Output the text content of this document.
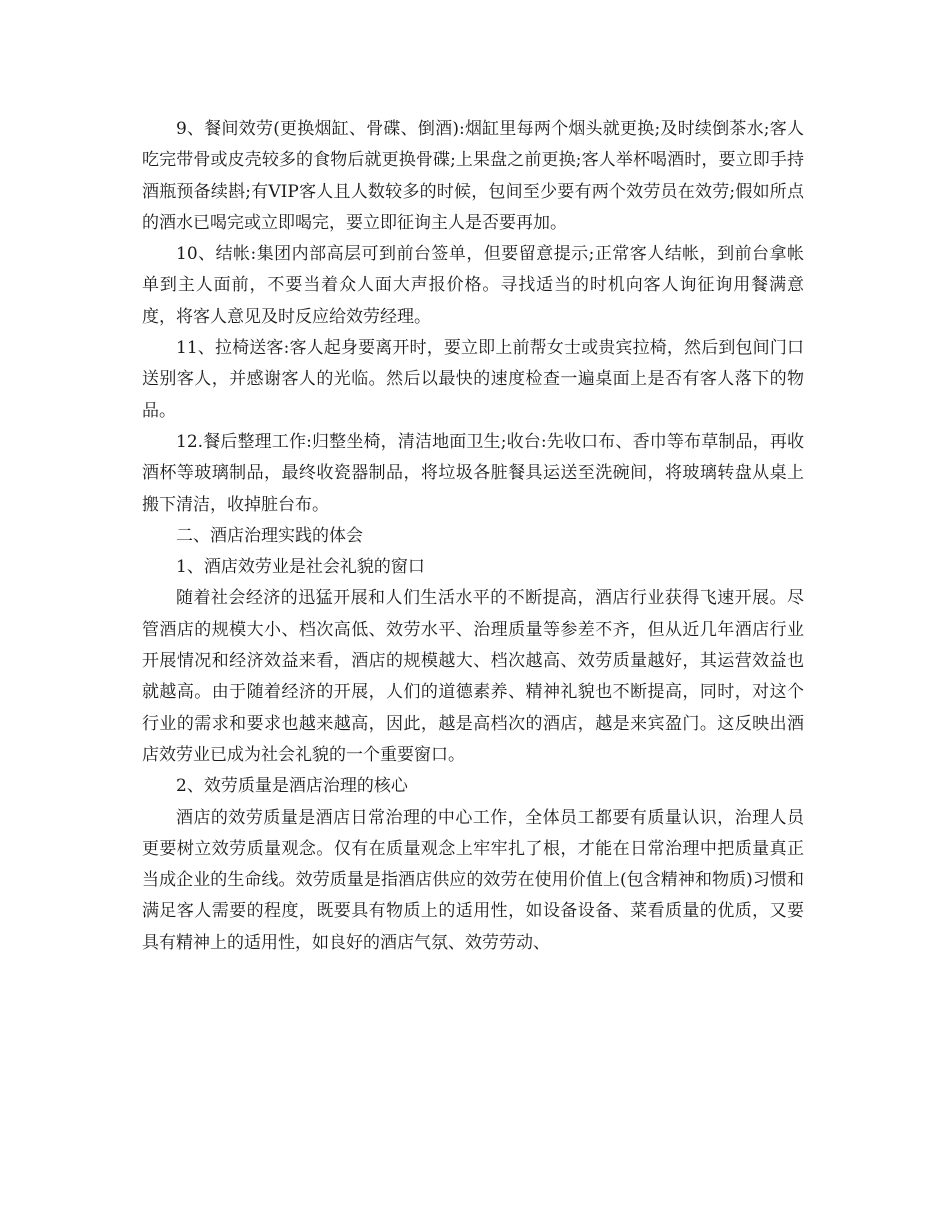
9、餐间效劳(更换烟缸、骨碟、倒酒):烟缸里每两个烟头就更换;及时续倒茶水;客人吃完带骨或皮壳较多的食物后就更换骨碟;上果盘之前更换;客人举杯喝酒时，要立即手持酒瓶预备续斟;有VIP客人且人数较多的时候，包间至少要有两个效劳员在效劳;假如所点的酒水已喝完或立即喝完，要立即征询主人是否要再加。

10、结帐:集团内部高层可到前台签单，但要留意提示;正常客人结帐，到前台拿帐单到主人面前，不要当着众人面大声报价格。寻找适当的时机向客人询征询用餐满意度，将客人意见及时反应给效劳经理。

11、拉椅送客:客人起身要离开时，要立即上前帮女士或贵宾拉椅，然后到包间门口送别客人，并感谢客人的光临。然后以最快的速度检查一遍桌面上是否有客人落下的物品。

12.餐后整理工作:归整坐椅，清洁地面卫生;收台:先收口布、香巾等布草制品，再收酒杯等玻璃制品，最终收瓷器制品，将垃圾各脏餐具运送至洗碗间，将玻璃转盘从桌上搬下清洁，收掉脏台布。

二、酒店治理实践的体会

1、酒店效劳业是社会礼貌的窗口

随着社会经济的迅猛开展和人们生活水平的不断提高，酒店行业获得飞速开展。尽管酒店的规模大小、档次高低、效劳水平、治理质量等参差不齐，但从近几年酒店行业开展情况和经济效益来看，酒店的规模越大、档次越高、效劳质量越好，其运营效益也就越高。由于随着经济的开展，人们的道德素养、精神礼貌也不断提高，同时，对这个行业的需求和要求也越来越高，因此，越是高档次的酒店，越是来宾盈门。这反映出酒店效劳业已成为社会礼貌的一个重要窗口。

2、效劳质量是酒店治理的核心

酒店的效劳质量是酒店日常治理的中心工作，全体员工都要有质量认识，治理人员更要树立效劳质量观念。仅有在质量观念上牢牢扎了根，才能在日常治理中把质量真正当成企业的生命线。效劳质量是指酒店供应的效劳在使用价值上(包含精神和物质)习惯和满足客人需要的程度，既要具有物质上的适用性，如设备设备、菜看质量的优质，又要具有精神上的适用性，如良好的酒店气氛、效劳劳动、
